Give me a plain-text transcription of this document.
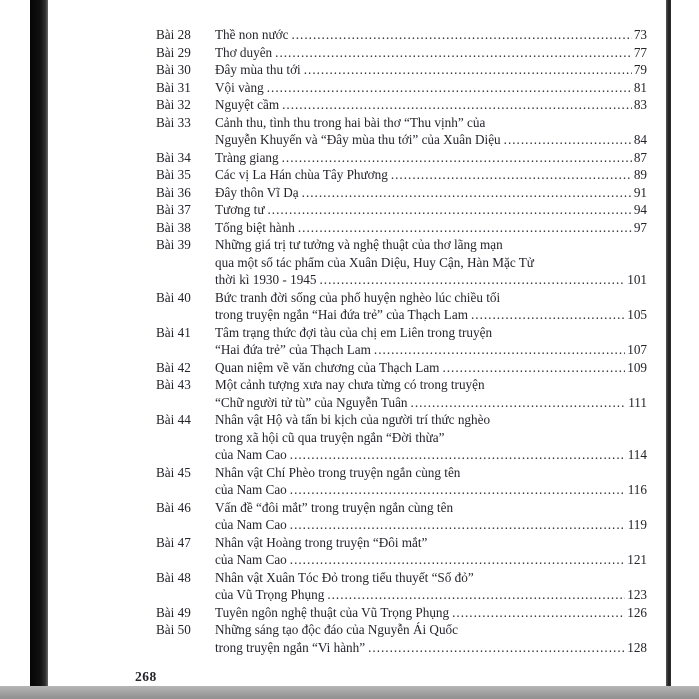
Bài 28	Thề non nước .....	73
Bài 29	Thơ duyên .....	77
Bài 30	Đây mùa thu tới .....	79
Bài 31	Vội vàng .....	81
Bài 32	Nguyệt cầm .....	83
Bài 33	Cảnh thu, tình thu trong hai bài thơ “Thu vịnh” của
Nguyễn Khuyến và “Đây mùa thu tới” của Xuân Diệu .....	84
Bài 34	Tràng giang .....	87
Bài 35	Các vị La Hán chùa Tây Phương .....	89
Bài 36	Đây thôn Vĩ Dạ .....	91
Bài 37	Tương tư .....	94
Bài 38	Tống biệt hành .....	97
Bài 39	Những giá trị tư tưởng và nghệ thuật của thơ lãng mạn
qua một số tác phẩm của Xuân Diệu, Huy Cận, Hàn Mặc Tử
thời kì 1930 - 1945 .....	101
Bài 40	Bức tranh đời sống của phố huyện nghèo lúc chiều tối
trong truyện ngắn “Hai đứa trẻ” của Thạch Lam .....	105
Bài 41	Tâm trạng thức đợi tàu của chị em Liên trong truyện
“Hai đứa trẻ” của Thạch Lam .....	107
Bài 42	Quan niệm về văn chương của Thạch Lam .....	109
Bài 43	Một cảnh tượng xưa nay chưa từng có trong truyện
“Chữ người tử tù” của Nguyễn Tuân .....	111
Bài 44	Nhân vật Hộ và tấn bi kịch của người trí thức nghèo
trong xã hội cũ qua truyện ngắn “Đời thừa”
của Nam Cao .....	114
Bài 45	Nhân vật Chí Phèo trong truyện ngắn cùng tên
của Nam Cao .....	116
Bài 46	Vấn đề “đôi mắt” trong truyện ngắn cùng tên
của Nam Cao .....	119
Bài 47	Nhân vật Hoàng trong truyện “Đôi mắt”
của Nam Cao .....	121
Bài 48	Nhân vật Xuân Tóc Đỏ trong tiểu thuyết “Số đỏ”
của Vũ Trọng Phụng .....	123
Bài 49	Tuyên ngôn nghệ thuật của Vũ Trọng Phụng .....	126
Bài 50	Những sáng tạo độc đáo của Nguyễn Ái Quốc
trong truyện ngắn “Vi hành” .....	128
268
